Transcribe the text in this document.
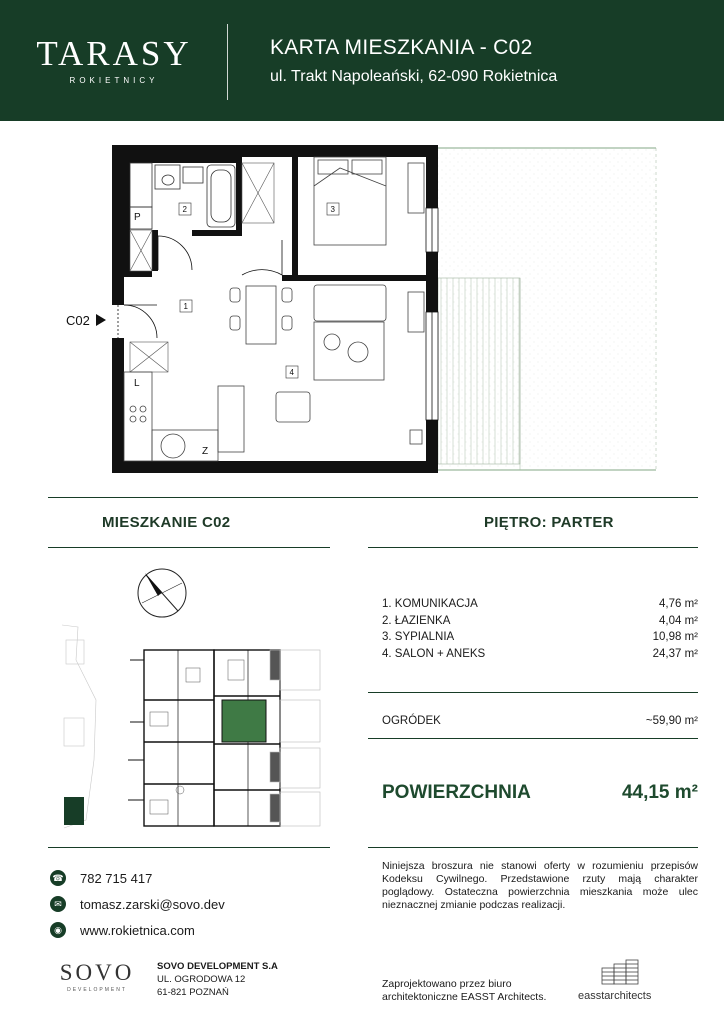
TARASY
ROKIETNICY
KARTA MIESZKANIA - C02
ul. Trakt Napoleański, 62-090 Rokietnica
P
L
Z
2	3
1
4
C02
MIESZKANIE C02	PIĘTRO: PARTER
1. KOMUNIKACJA	4,76 m²
2. ŁAZIENKA	4,04 m²
3. SYPIALNIA	10,98 m²
4. SALON + ANEKS	24,37 m²
OGRÓDEK	~59,90 m²
POWIERZCHNIA	44,15 m²
☎ 782 715 417
✉	tomasz.zarski@sovo.dev
◉	www.rokietnica.com
Niniejsza broszura nie stanowi oferty w rozumieniu przepisów Kodeksu Cywilnego. Przedstawione rzuty mają charakter poglądowy. Ostateczna powierzchnia mieszkania może ulec nieznacznej zmianie podczas realizacji.
SOVO
DEVELOPMENT
SOVO DEVELOPMENT S.A
UL. OGRODOWA 12
61-821 POZNAŃ
Zaprojektowano przez biuro architektoniczne EASST Architects.	easstarchitects
